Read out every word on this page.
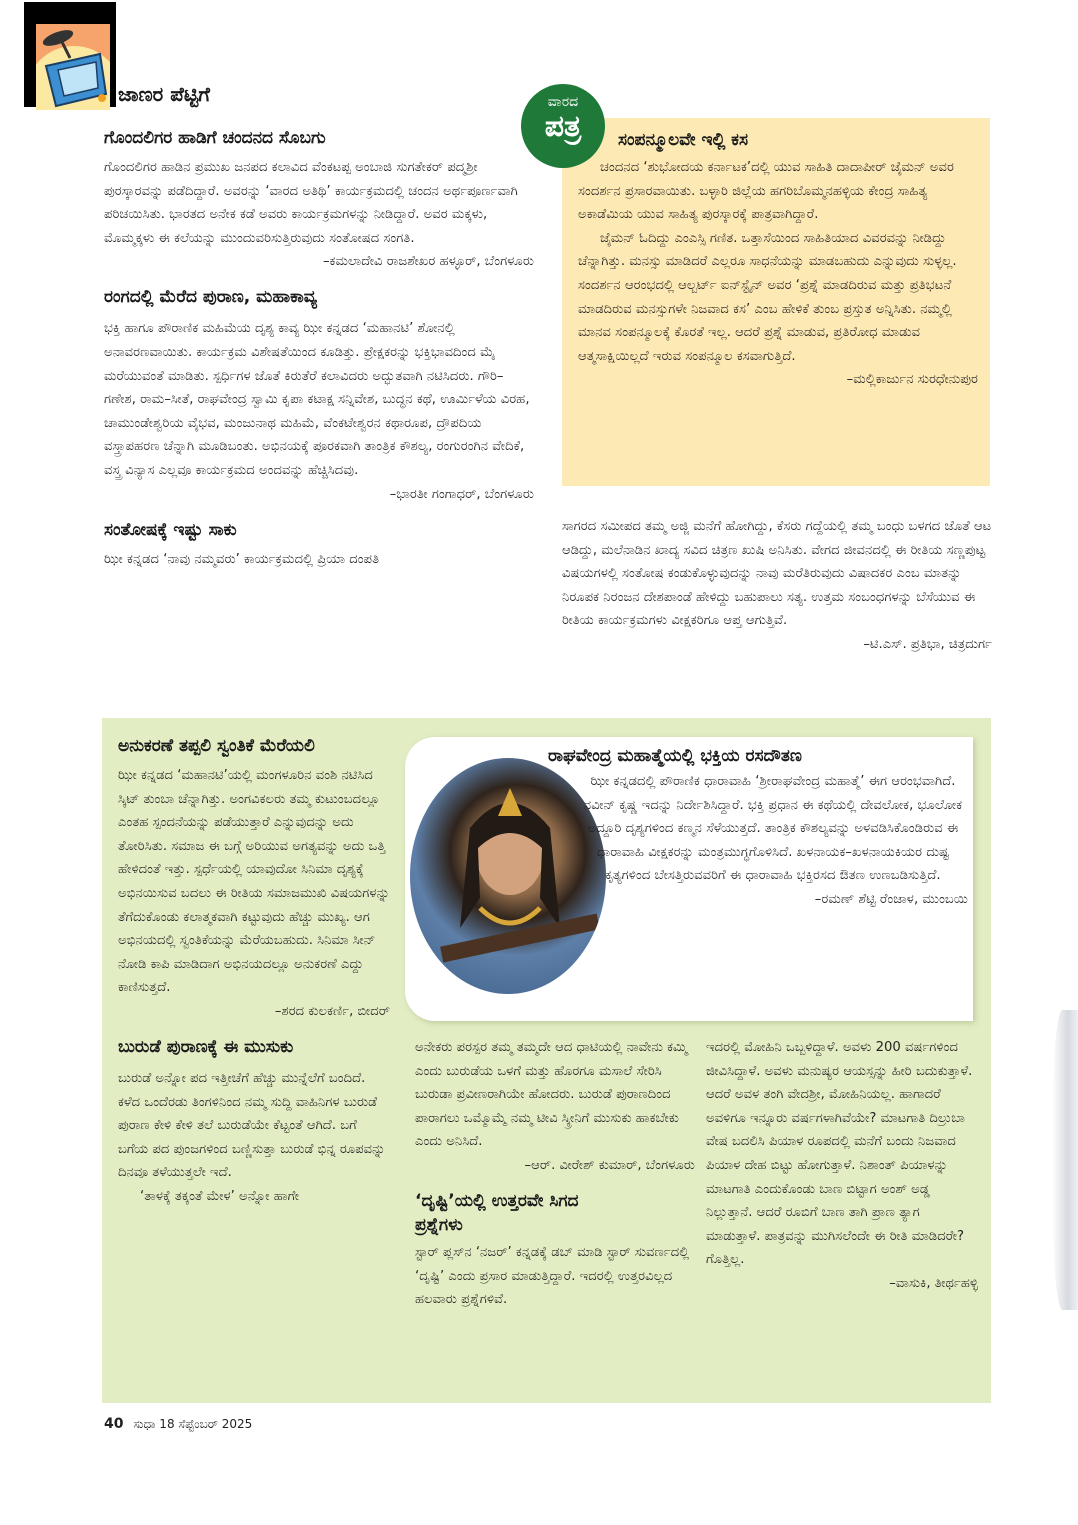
ಜಾಣರ ಪೆಟ್ಟಿಗೆ
ಗೊಂದಲಿಗರ ಹಾಡಿಗೆ ಚಂದನದ ಸೊಬಗು
ಗೊಂದಲಿಗರ ಹಾಡಿನ ಪ್ರಮುಖ ಜನಪದ ಕಲಾವಿದ ವೆಂಕಟಪ್ಪ ಅಂಬಾಜಿ ಸುಗತೇಕರ್ ಪದ್ಮಶ್ರೀ ಪುರಸ್ಕಾರವನ್ನು ಪಡೆದಿದ್ದಾರೆ. ಅವರನ್ನು ‘ವಾರದ ಅತಿಥಿ’ ಕಾರ್ಯಕ್ರಮದಲ್ಲಿ ಚಂದನ ಅರ್ಥಪೂರ್ಣವಾಗಿ ಪರಿಚಯಿಸಿತು. ಭಾರತದ ಅನೇಕ ಕಡೆ ಅವರು ಕಾರ್ಯಕ್ರಮಗಳನ್ನು ನೀಡಿದ್ದಾರೆ. ಅವರ ಮಕ್ಕಳು, ಮೊಮ್ಮಕ್ಕಳು ಈ ಕಲೆಯನ್ನು ಮುಂದುವರಿಸುತ್ತಿರುವುದು ಸಂತೋಷದ ಸಂಗತಿ.
–ಕಮಲಾದೇವಿ ರಾಜಶೇಖರ ಹಳ್ಳೂರ್, ಬೆಂಗಳೂರು
ರಂಗದಲ್ಲಿ ಮೆರೆದ ಪುರಾಣ, ಮಹಾಕಾವ್ಯ
ಭಕ್ತಿ ಹಾಗೂ ಪೌರಾಣಿಕ ಮಹಿಮೆಯ ದೃಶ್ಯ ಕಾವ್ಯ ಝೀ ಕನ್ನಡದ ‘ಮಹಾನಟಿ’ ಶೋನಲ್ಲಿ ಅನಾವರಣವಾಯಿತು. ಕಾರ್ಯಕ್ರಮ ವಿಶೇಷತೆಯಿಂದ ಕೂಡಿತ್ತು. ಪ್ರೇಕ್ಷಕರನ್ನು ಭಕ್ತಿಭಾವದಿಂದ ಮೈ ಮರೆಯುವಂತೆ ಮಾಡಿತು. ಸ್ಪರ್ಧಿಗಳ ಜೊತೆ ಕಿರುತೆರೆ ಕಲಾವಿದರು ಅದ್ಭುತವಾಗಿ ನಟಿಸಿದರು. ಗೌರಿ–ಗಣೇಶ, ರಾಮ–ಸೀತೆ, ರಾಘವೇಂದ್ರ ಸ್ವಾಮಿ ಕೃಪಾ ಕಟಾಕ್ಷ ಸನ್ನಿವೇಶ, ಬುದ್ಧನ ಕಥೆ, ಊರ್ಮಿಳೆಯ ವಿರಹ, ಚಾಮುಂಡೇಶ್ವರಿಯ ವೈಭವ, ಮಂಜುನಾಥ ಮಹಿಮೆ, ವೆಂಕಟೇಶ್ವರನ ಕಥಾರೂಪ, ದ್ರೌಪದಿಯ ವಸ್ತ್ರಾಪಹರಣ ಚೆನ್ನಾಗಿ ಮೂಡಿಬಂತು. ಅಭಿನಯಕ್ಕೆ ಪೂರಕವಾಗಿ ತಾಂತ್ರಿಕ ಕೌಶಲ್ಯ, ರಂಗುರಂಗಿನ ವೇದಿಕೆ, ವಸ್ತ್ರ ವಿನ್ಯಾಸ ಎಲ್ಲವೂ ಕಾರ್ಯಕ್ರಮದ ಅಂದವನ್ನು ಹೆಚ್ಚಿಸಿದವು.
–ಭಾರತೀ ಗಂಗಾಧರ್, ಬೆಂಗಳೂರು
ಸಂತೋಷಕ್ಕೆ ಇಷ್ಟು ಸಾಕು
ಝೀ ಕನ್ನಡದ ‘ನಾವು ನಮ್ಮವರು’ ಕಾರ್ಯಕ್ರಮದಲ್ಲಿ ಪ್ರಿಯಾ ದಂಪತಿ
ವಾರದ
ಪತ್ರ	ಸಂಪನ್ಮೂಲವೇ ಇಲ್ಲಿ ಕಸ
ಚಂದನದ ‘ಶುಭೋದಯ ಕರ್ನಾಟಕ’ದಲ್ಲಿ ಯುವ ಸಾಹಿತಿ ದಾದಾಪೀರ್ ಜೈಮನ್ ಅವರ ಸಂದರ್ಶನ ಪ್ರಸಾರವಾಯಿತು. ಬಳ್ಳಾರಿ ಜಿಲ್ಲೆಯ ಹಗರಿಬೊಮ್ಮನಹಳ್ಳಿಯ ಕೇಂದ್ರ ಸಾಹಿತ್ಯ ಅಕಾಡೆಮಿಯ ಯುವ ಸಾಹಿತ್ಯ ಪುರಸ್ಕಾರಕ್ಕೆ ಪಾತ್ರವಾಗಿದ್ದಾರೆ.
ಜೈಮನ್ ಓದಿದ್ದು ಎಂಎಸ್ಸಿ ಗಣಿತ. ಒತ್ತಾಸೆಯಿಂದ ಸಾಹಿತಿಯಾದ ವಿವರವನ್ನು ನೀಡಿದ್ದು ಚೆನ್ನಾಗಿತ್ತು. ಮನಸ್ಸು ಮಾಡಿದರೆ ಎಲ್ಲರೂ ಸಾಧನೆಯನ್ನು ಮಾಡಬಹುದು ಎನ್ನುವುದು ಸುಳ್ಳಲ್ಲ. ಸಂದರ್ಶನ ಆರಂಭದಲ್ಲಿ ಆಲ್ಬರ್ಟ್ ಐನ್‌ಸ್ಟೈನ್ ಅವರ ‘ಪ್ರಶ್ನೆ ಮಾಡದಿರುವ ಮತ್ತು ಪ್ರತಿಭಟನೆ ಮಾಡದಿರುವ ಮನಸ್ಸುಗಳೇ ನಿಜವಾದ ಕಸ’ ಎಂಬ ಹೇಳಿಕೆ ತುಂಬ ಪ್ರಸ್ತುತ ಅನ್ನಿಸಿತು. ನಮ್ಮಲ್ಲಿ ಮಾನವ ಸಂಪನ್ಮೂಲಕ್ಕೆ ಕೊರತೆ ಇಲ್ಲ. ಆದರೆ ಪ್ರಶ್ನೆ ಮಾಡುವ, ಪ್ರತಿರೋಧ ಮಾಡುವ ಆತ್ಮಸಾಕ್ಷಿಯಿಲ್ಲದೆ ಇರುವ ಸಂಪನ್ಮೂಲ ಕಸವಾಗುತ್ತಿದೆ.
–ಮಲ್ಲಿಕಾರ್ಜುನ ಸುರಧೇನುಪುರ
ಸಾಗರದ ಸಮೀಪದ ತಮ್ಮ ಅಜ್ಜಿ ಮನೆಗೆ ಹೋಗಿದ್ದು, ಕೆಸರು ಗದ್ದೆಯಲ್ಲಿ ತಮ್ಮ ಬಂಧು ಬಳಗದ ಜೊತೆ ಆಟ ಆಡಿದ್ದು, ಮಲೆನಾಡಿನ ಖಾದ್ಯ ಸವಿದ ಚಿತ್ರಣ ಖುಷಿ ಅನಿಸಿತು. ವೇಗದ ಜೀವನದಲ್ಲಿ ಈ ರೀತಿಯ ಸಣ್ಣಪುಟ್ಟ ವಿಷಯಗಳಲ್ಲಿ ಸಂತೋಷ ಕಂಡುಕೊಳ್ಳುವುದನ್ನು ನಾವು ಮರೆತಿರುವುದು ವಿಷಾದಕರ ಎಂಬ ಮಾತನ್ನು ನಿರೂಪಕ ನಿರಂಜನ ದೇಶಪಾಂಡೆ ಹೇಳಿದ್ದು ಬಹುಪಾಲು ಸತ್ಯ. ಉತ್ತಮ ಸಂಬಂಧಗಳನ್ನು ಬೆಸೆಯುವ ಈ ರೀತಿಯ ಕಾರ್ಯಕ್ರಮಗಳು ವೀಕ್ಷಕರಿಗೂ ಆಪ್ತ ಆಗುತ್ತಿವೆ.
–ಟಿ.ಎಸ್. ಪ್ರತಿಭಾ, ಚಿತ್ರದುರ್ಗ
ಅನುಕರಣೆ ತಪ್ಪಲಿ ಸ್ವಂತಿಕೆ ಮೆರೆಯಲಿ
ಝೀ ಕನ್ನಡದ ‘ಮಹಾನಟಿ’ಯಲ್ಲಿ ಮಂಗಳೂರಿನ ವಂಶಿ ನಟಿಸಿದ ಸ್ಕಿಟ್ ತುಂಬಾ ಚೆನ್ನಾಗಿತ್ತು. ಅಂಗವಿಕಲರು ತಮ್ಮ ಕುಟುಂಬದಲ್ಲೂ ಎಂತಹ ಸ್ಪಂದನೆಯನ್ನು ಪಡೆಯುತ್ತಾರೆ ಎನ್ನುವುದನ್ನು ಅದು ತೋರಿಸಿತು. ಸಮಾಜ ಈ ಬಗ್ಗೆ ಅರಿಯುವ ಅಗತ್ಯವನ್ನು ಅದು ಒತ್ತಿ ಹೇಳಿದಂತೆ ಇತ್ತು. ಸ್ಪರ್ಧೆಯಲ್ಲಿ ಯಾವುದೋ ಸಿನಿಮಾ ದೃಶ್ಯಕ್ಕೆ ಅಭಿನಯಿಸುವ ಬದಲು ಈ ರೀತಿಯ ಸಮಾಜಮುಖಿ ವಿಷಯಗಳನ್ನು ತೆಗೆದುಕೊಂಡು ಕಲಾತ್ಮಕವಾಗಿ ಕಟ್ಟುವುದು ಹೆಚ್ಚು ಮುಖ್ಯ. ಆಗ ಅಭಿನಯದಲ್ಲಿ ಸ್ವಂತಿಕೆಯನ್ನು ಮೆರೆಯಬಹುದು. ಸಿನಿಮಾ ಸೀನ್ ನೋಡಿ ಕಾಪಿ ಮಾಡಿದಾಗ ಅಭಿನಯದಲ್ಲೂ ಅನುಕರಣೆ ಎದ್ದು ಕಾಣಿಸುತ್ತದೆ.
–ಶರದ ಕುಲಕರ್ಣಿ, ಬೀದರ್
ಬುರುಡೆ ಪುರಾಣಕ್ಕೆ ಈ ಮುಸುಕು
ಬುರುಡೆ ಅನ್ನೋ ಪದ ಇತ್ತೀಚೆಗೆ ಹೆಚ್ಚು ಮುನ್ನೆಲೆಗೆ ಬಂದಿದೆ. ಕಳೆದ ಒಂದೆರಡು ತಿಂಗಳಿನಿಂದ ನಮ್ಮ ಸುದ್ದಿ ವಾಹಿನಿಗಳ ಬುರುಡೆ ಪುರಾಣ ಕೇಳಿ ಕೇಳಿ ತಲೆ ಬುರುಡೆಯೇ ಕೆಟ್ಟಂತೆ ಆಗಿದೆ. ಬಗೆ ಬಗೆಯ ಪದ ಪುಂಜಗಳಿಂದ ಬಣ್ಣಿಸುತ್ತಾ ಬುರುಡೆ ಭಿನ್ನ ರೂಪವನ್ನು ದಿನವೂ ತಳೆಯುತ್ತಲೇ ಇದೆ.
‘ತಾಳಕ್ಕೆ ತಕ್ಕಂತೆ ಮೇಳ’ ಅನ್ನೋ ಹಾಗೇ
ರಾಘವೇಂದ್ರ ಮಹಾತ್ಮೆಯಲ್ಲಿ ಭಕ್ತಿಯ ರಸದೌತಣ
ಝೀ ಕನ್ನಡದಲ್ಲಿ ಪೌರಾಣಿಕ ಧಾರಾವಾಹಿ ‘ಶ್ರೀರಾಘವೇಂದ್ರ ಮಹಾತ್ಮೆ’ ಈಗ ಆರಂಭವಾಗಿದೆ. ನವೀನ್ ಕೃಷ್ಣ ಇದನ್ನು ನಿರ್ದೇಶಿಸಿದ್ದಾರೆ. ಭಕ್ತಿ ಪ್ರಧಾನ ಈ ಕಥೆಯಲ್ಲಿ ದೇವಲೋಕ, ಭೂಲೋಕ ಅದ್ದೂರಿ ದೃಶ್ಯಗಳಿಂದ ಕಣ್ಮನ ಸೆಳೆಯುತ್ತದೆ. ತಾಂತ್ರಿಕ ಕೌಶಲ್ಯವನ್ನು ಅಳವಡಿಸಿಕೊಂಡಿರುವ ಈ ಧಾರಾವಾಹಿ ವೀಕ್ಷಕರನ್ನು ಮಂತ್ರಮುಗ್ಧಗೊಳಿಸಿದೆ. ಖಳನಾಯಕ–ಖಳನಾಯಕಿಯರ ದುಷ್ಟ ಕೃತ್ಯಗಳಿಂದ ಬೇಸತ್ತಿರುವವರಿಗೆ ಈ ಧಾರಾವಾಹಿ ಭಕ್ತಿರಸದ ಔತಣ ಉಣಬಡಿಸುತ್ತಿದೆ.
–ರಮಣ್ ಶೆಟ್ಟಿ ರೆಂಜಾಳ, ಮುಂಬಯಿ
ಅನೇಕರು ಪರಸ್ಪರ ತಮ್ಮ ತಮ್ಮದೇ ಆದ ಧಾಟಿಯಲ್ಲಿ ನಾವೇನು ಕಮ್ಮಿ ಎಂದು ಬುರುಡೆಯ ಒಳಗೆ ಮತ್ತು ಹೊರಗೂ ಮಸಾಲೆ ಸೇರಿಸಿ ಬುರುಡಾ ಪ್ರವೀಣರಾಗಿಯೇ ಹೋದರು. ಬುರುಡೆ ಪುರಾಣದಿಂದ ಪಾರಾಗಲು ಒಮ್ಮೊಮ್ಮೆ ನಮ್ಮ ಟೀವಿ ಸ್ಕ್ರೀನಿಗೆ ಮುಸುಕು ಹಾಕಬೇಕು ಎಂದು ಅನಿಸಿದೆ.
–ಆರ್. ವೀರೇಶ್ ಕುಮಾರ್, ಬೆಂಗಳೂರು
‘ದೃಷ್ಟಿ’ಯಲ್ಲಿ ಉತ್ತರವೇ ಸಿಗದ ಪ್ರಶ್ನೆಗಳು
ಸ್ಟಾರ್ ಪ್ಲಸ್‌ನ ‘ನಜರ್’ ಕನ್ನಡಕ್ಕೆ ಡಬ್ ಮಾಡಿ ಸ್ಟಾರ್ ಸುವರ್ಣದಲ್ಲಿ ‘ದೃಷ್ಟಿ’ ಎಂದು ಪ್ರಸಾರ ಮಾಡುತ್ತಿದ್ದಾರೆ. ಇದರಲ್ಲಿ ಉತ್ತರವಿಲ್ಲದ ಹಲವಾರು ಪ್ರಶ್ನೆಗಳಿವೆ.
ಇದರಲ್ಲಿ ಮೋಹಿನಿ ಒಬ್ಬಳಿದ್ದಾಳೆ. ಅವಳು 200 ವರ್ಷಗಳಿಂದ ಜೀವಿಸಿದ್ದಾಳೆ. ಅವಳು ಮನುಷ್ಯರ ಆಯಸ್ಸನ್ನು ಹೀರಿ ಬದುಕುತ್ತಾಳೆ. ಆದರೆ ಅವಳ ತಂಗಿ ವೇದಶ್ರೀ, ಮೋಹಿನಿಯಲ್ಲ. ಹಾಗಾದರೆ ಅವಳಿಗೂ ಇನ್ನೂರು ವರ್ಷಗಳಾಗಿವೆಯೇ? ಮಾಟಗಾತಿ ದಿಲ್ರುಬಾ ವೇಷ ಬದಲಿಸಿ ಪಿಯಾಳ ರೂಪದಲ್ಲಿ ಮನೆಗೆ ಬಂದು ನಿಜವಾದ ಪಿಯಾಳ ದೇಹ ಬಿಟ್ಟು ಹೋಗುತ್ತಾಳೆ. ನಿಶಾಂತ್ ಪಿಯಾಳನ್ನು ಮಾಟಗಾತಿ ಎಂದುಕೊಂಡು ಬಾಣ ಬಿಟ್ಟಾಗ ಅಂಶ್ ಅಡ್ಡ ನಿಲ್ಲುತ್ತಾನೆ. ಆದರೆ ರೂಬಿಗೆ ಬಾಣ ತಾಗಿ ಪ್ರಾಣ ತ್ಯಾಗ ಮಾಡುತ್ತಾಳೆ. ಪಾತ್ರವನ್ನು ಮುಗಿಸಲೆಂದೇ ಈ ರೀತಿ ಮಾಡಿದರೇ? ಗೊತ್ತಿಲ್ಲ.
–ವಾಸುಕಿ, ತೀರ್ಥಹಳ್ಳಿ
40 ಸುಧಾ 18 ಸೆಪ್ಟೆಂಬರ್ 2025
